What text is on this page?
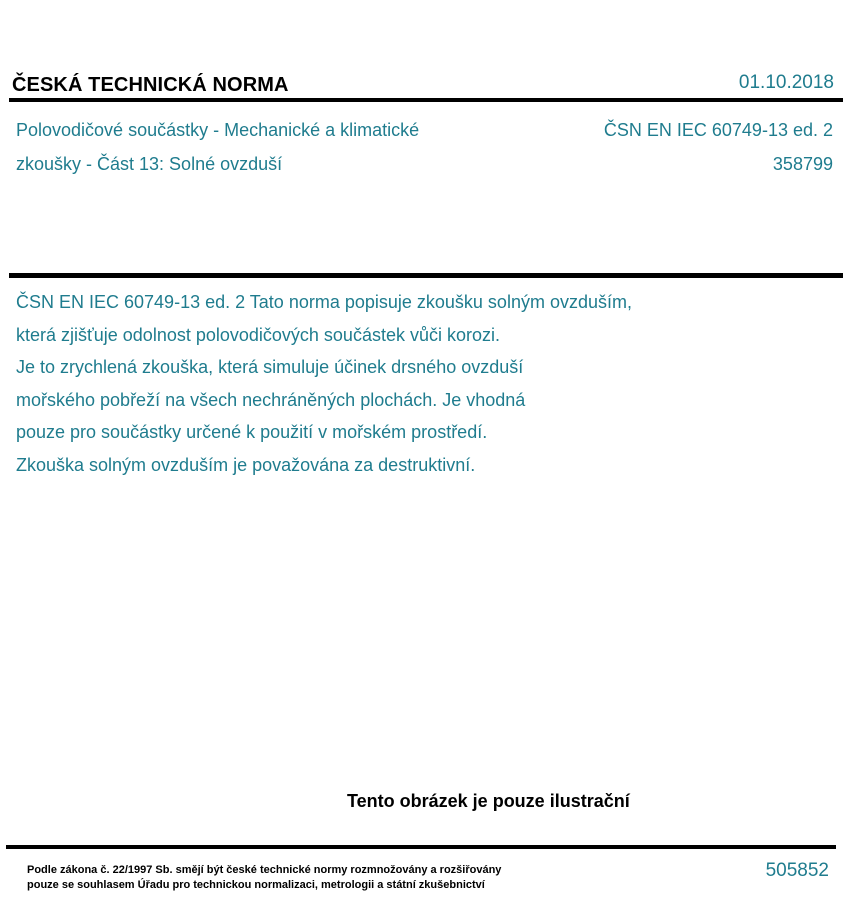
ČESKÁ TECHNICKÁ NORMA	01.10.2018
Polovodičové součástky - Mechanické a klimatické
zkoušky - Část 13: Solné ovzduší
ČSN EN IEC 60749-13 ed. 2
358799
ČSN EN IEC 60749-13 ed. 2 Tato norma popisuje zkoušku solným ovzduším,
která zjišťuje odolnost polovodičových součástek vůči korozi.
Je to zrychlená zkouška, která simuluje účinek drsného ovzduší
mořského pobřeží na všech nechráněných plochách. Je vhodná
pouze pro součástky určené k použití v mořském prostředí.
Zkouška solným ovzduším je považována za destruktivní.
Tento obrázek je pouze ilustrační
Podle zákona č. 22/1997 Sb. smějí být české technické normy rozmnožovány a rozšiřovány
pouze se souhlasem Úřadu pro technickou normalizaci, metrologii a státní zkušebnictví
505852
